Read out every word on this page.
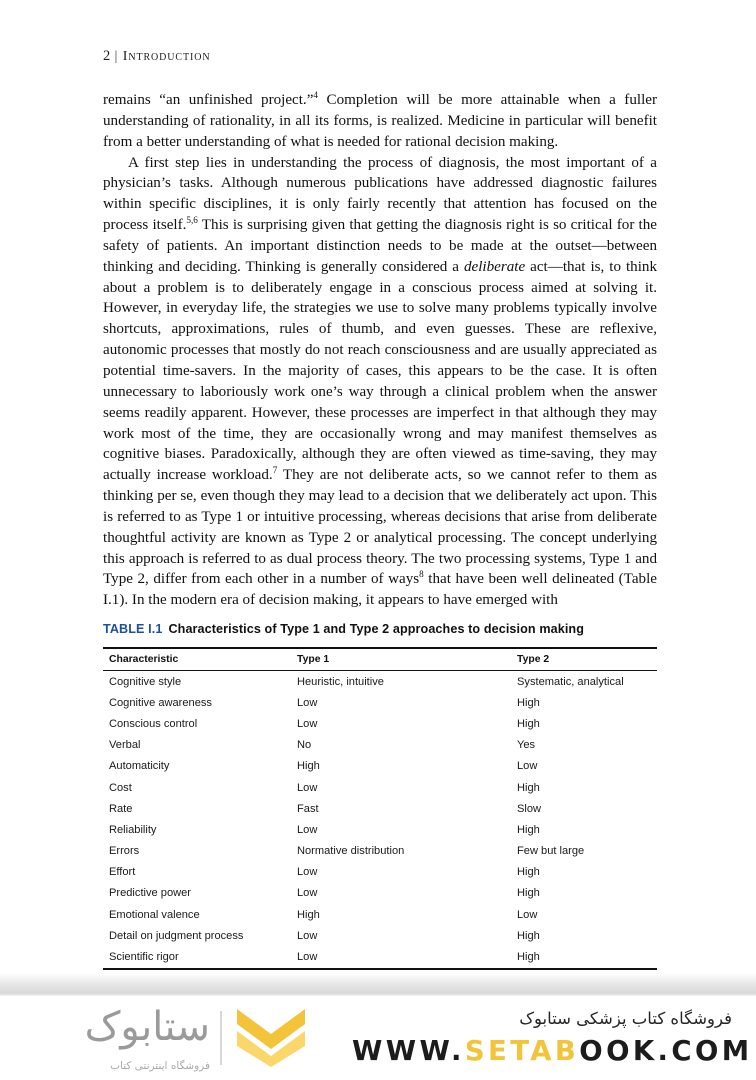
2 | Introduction

remains “an unfinished project.”$^4$ Completion will be more attainable when a fuller understanding of rationality, in all its forms, is realized. Medicine in particular will benefit from a better understanding of what is needed for rational decision making.

A first step lies in understanding the process of diagnosis, the most important of a physician’s tasks. Although numerous publications have addressed diagnostic failures within specific disciplines, it is only fairly recently that attention has focused on the process itself.$^{5,6}$ This is surprising given that getting the diagnosis right is so critical for the safety of patients. An important distinction needs to be made at the outset—between thinking and deciding. Thinking is generally considered a deliberate act—that is, to think about a problem is to deliberately engage in a conscious process aimed at solving it. However, in everyday life, the strategies we use to solve many problems typically involve shortcuts, approximations, rules of thumb, and even guesses. These are reflexive, autonomic processes that mostly do not reach consciousness and are usually appreciated as potential time-savers. In the majority of cases, this appears to be the case. It is often unnecessary to laboriously work one’s way through a clinical problem when the answer seems readily apparent. However, these processes are imperfect in that although they may work most of the time, they are occasionally wrong and may manifest themselves as cognitive biases. Paradoxically, although they are often viewed as time-saving, they may actually increase workload.$^7$ They are not deliberate acts, so we cannot refer to them as thinking per se, even though they may lead to a decision that we deliberately act upon. This is referred to as Type 1 or intuitive processing, whereas decisions that arise from deliberate thoughtful activity are known as Type 2 or analytical processing. The concept underlying this approach is referred to as dual process theory. The two processing systems, Type 1 and Type 2, differ from each other in a number of ways$^8$ that have been well delineated (Table I.1). In the modern era of decision making, it appears to have emerged with

TABLE I.1 Characteristics of Type 1 and Type 2 approaches to decision making
Characteristic	Type 1	Type 2
Cognitive style	Heuristic, intuitive	Systematic, analytical
Cognitive awareness	Low	High
Conscious control	Low	High
Verbal	No	Yes
Automaticity	High	Low
Cost	Low	High
Rate	Fast	Slow
Reliability	Low	High
Errors	Normative distribution	Few but large
Effort	Low	High
Predictive power	Low	High
Emotional valence	High	Low
Detail on judgment process	Low	High
Scientific rigor	Low	High
ستابوک
فروشگاه اینترنتی کتاب
فروشگاه کتاب پزشکی ستابوک
WWW.SETABOOK.COM
